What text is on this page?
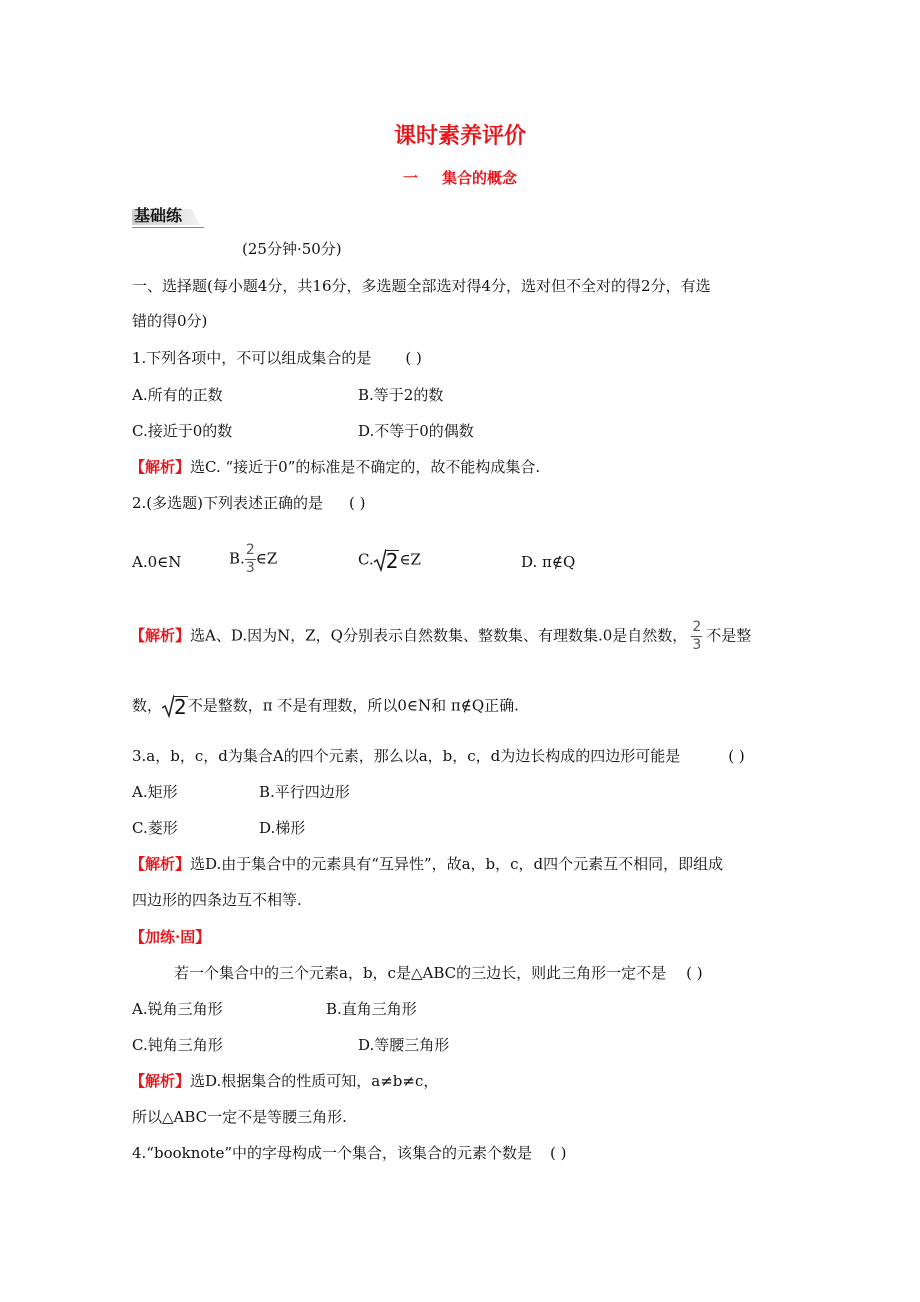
课时素养评价
一 集合的概念
基础练
(25分钟·50分)
一、选择题(每小题4分，共16分，多选题全部选对得4分，选对但不全对的得2分，有选
错的得0分)
1.下列各项中，不可以组成集合的是 ( )
A.所有的正数	B.等于2的数
C.接近于0的数	D.不等于0的偶数
【解析】选C. “接近于0”的标准是不确定的，故不能构成集合.
2.(多选题)下列表述正确的是 ( )
A.0∈N	B. $\frac{2}{3}$ ∈Z	C. 2 ∈Z	D. π∉Q
【解析】选A、D.因为N，Z，Q分别表示自然数集、整数集、有理数集.0是自然数， $\frac{2}{3}$ 不是整
数， 2 不是整数，π 不是有理数，所以0∈N和 π∉Q正确.
3.a，b，c，d为集合A的四个元素，那么以a，b，c，d为边长构成的四边形可能是	( )
A.矩形	B.平行四边形
C.菱形	D.梯形
【解析】选D.由于集合中的元素具有“互异性”，故a，b，c，d四个元素互不相同，即组成
四边形的四条边互不相等.
【加练·固】
若一个集合中的三个元素a，b，c是△ABC的三边长，则此三角形一定不是 ( )
A.锐角三角形	B.直角三角形
C.钝角三角形	D.等腰三角形
【解析】选D.根据集合的性质可知，a≠b≠c，
所以△ABC一定不是等腰三角形.
4.“booknote”中的字母构成一个集合，该集合的元素个数是 ( )
